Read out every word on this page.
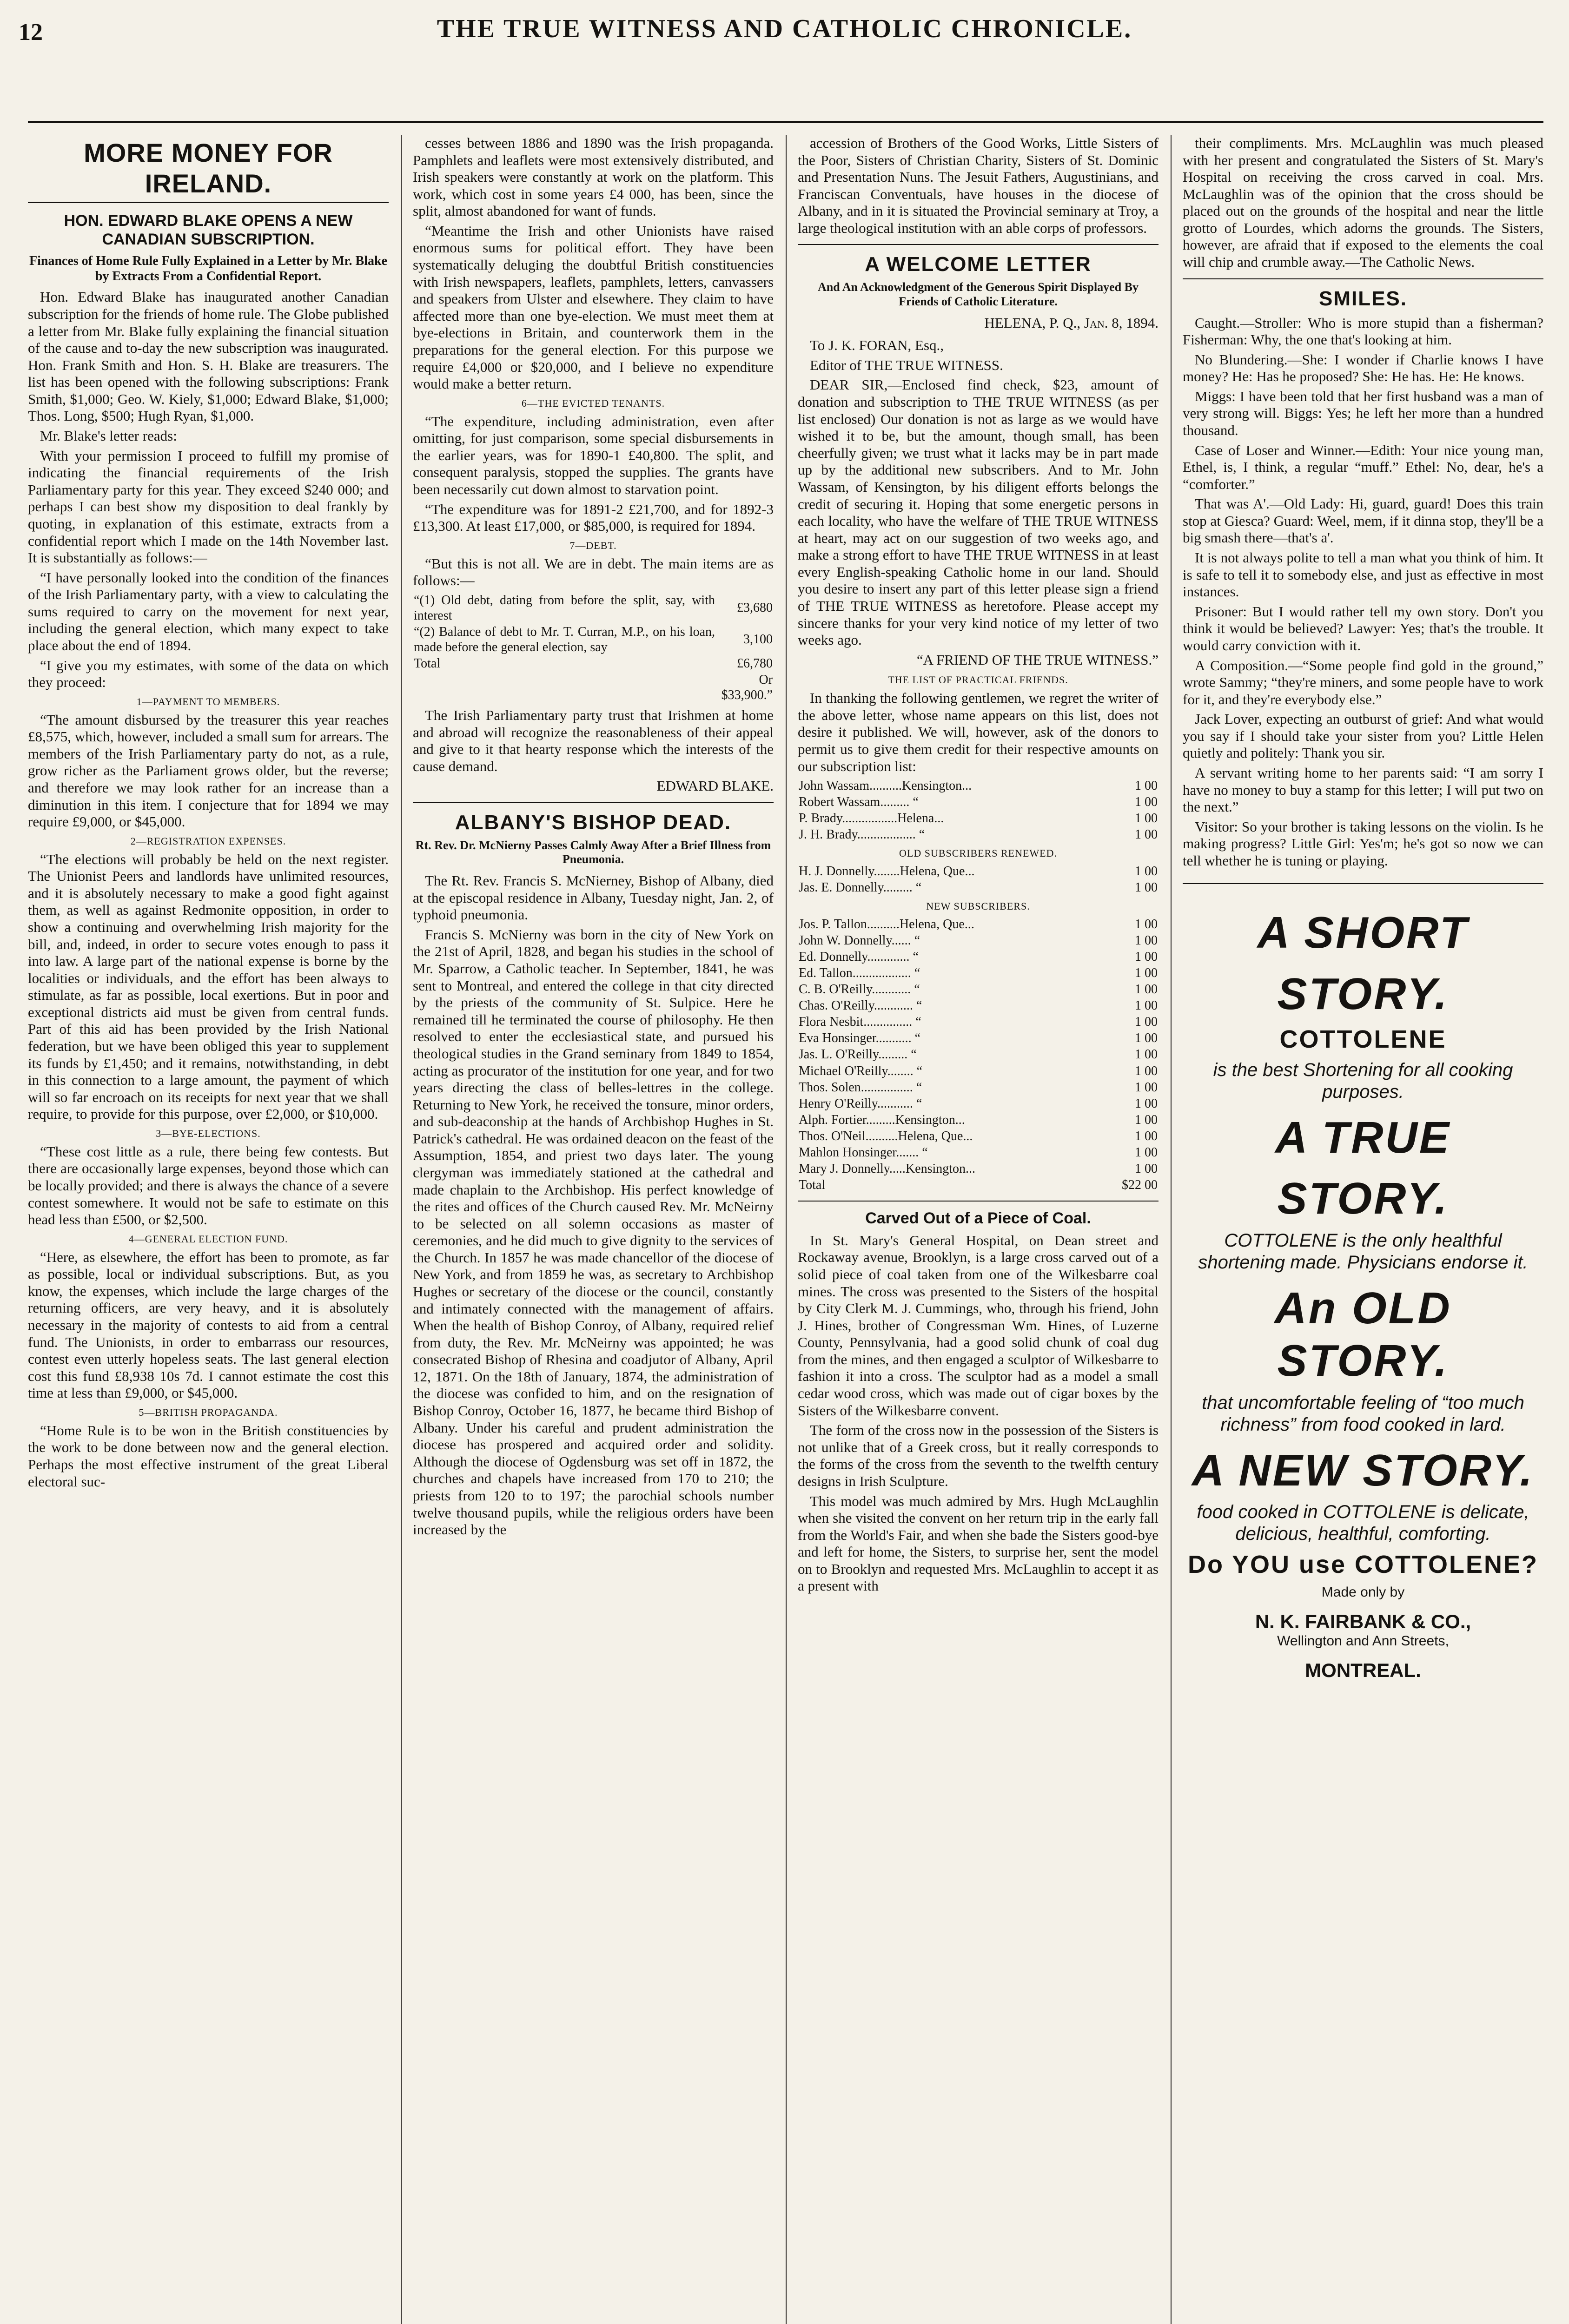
12	THE TRUE WITNESS AND CATHOLIC CHRONICLE.
MORE MONEY FOR IRELAND.
HON. EDWARD BLAKE OPENS A NEW CANADIAN SUBSCRIPTION.
Finances of Home Rule Fully Explained in a Letter by Mr. Blake by Extracts From a Confidential Report.

Hon. Edward Blake has inaugurated another Canadian subscription for the friends of home rule. The Globe published a letter from Mr. Blake fully explaining the financial situation of the cause and to-day the new subscription was inaugurated. Hon. Frank Smith and Hon. S. H. Blake are treasurers. The list has been opened with the following subscriptions: Frank Smith, $1,000; Geo. W. Kiely, $1,000; Edward Blake, $1,000; Thos. Long, $500; Hugh Ryan, $1,000.

Mr. Blake's letter reads:

With your permission I proceed to fulfill my promise of indicating the financial requirements of the Irish Parliamentary party for this year. They exceed $240 000; and perhaps I can best show my disposition to deal frankly by quoting, in explanation of this estimate, extracts from a confidential report which I made on the 14th November last. It is substantially as follows:—

“I have personally looked into the condition of the finances of the Irish Parliamentary party, with a view to calculating the sums required to carry on the movement for next year, including the general election, which many expect to take place about the end of 1894.

“I give you my estimates, with some of the data on which they proceed:

1—PAYMENT TO MEMBERS.

“The amount disbursed by the treasurer this year reaches £8,575, which, however, included a small sum for arrears. The members of the Irish Parliamentary party do not, as a rule, grow richer as the Parliament grows older, but the reverse; and therefore we may look rather for an increase than a diminution in this item. I conjecture that for 1894 we may require £9,000, or $45,000.

2—REGISTRATION EXPENSES.

“The elections will probably be held on the next register. The Unionist Peers and landlords have unlimited resources, and it is absolutely necessary to make a good fight against them, as well as against Redmonite opposition, in order to show a continuing and overwhelming Irish majority for the bill, and, indeed, in order to secure votes enough to pass it into law. A large part of the national expense is borne by the localities or individuals, and the effort has been always to stimulate, as far as possible, local exertions. But in poor and exceptional districts aid must be given from central funds. Part of this aid has been provided by the Irish National federation, but we have been obliged this year to supplement its funds by £1,450; and it remains, notwithstanding, in debt in this connection to a large amount, the payment of which will so far encroach on its receipts for next year that we shall require, to provide for this purpose, over £2,000, or $10,000.

3—BYE-ELECTIONS.

“These cost little as a rule, there being few contests. But there are occasionally large expenses, beyond those which can be locally provided; and there is always the chance of a severe contest somewhere. It would not be safe to estimate on this head less than £500, or $2,500.

4—GENERAL ELECTION FUND.

“Here, as elsewhere, the effort has been to promote, as far as possible, local or individual subscriptions. But, as you know, the expenses, which include the large charges of the returning officers, are very heavy, and it is absolutely necessary in the majority of contests to aid from a central fund. The Unionists, in order to embarrass our resources, contest even utterly hopeless seats. The last general election cost this fund £8,938 10s 7d. I cannot estimate the cost this time at less than £9,000, or $45,000.

5—BRITISH PROPAGANDA.

“Home Rule is to be won in the British constituencies by the work to be done between now and the general election. Perhaps the most effective instrument of the great Liberal electoral suc-

cesses between 1886 and 1890 was the Irish propaganda. Pamphlets and leaflets were most extensively distributed, and Irish speakers were constantly at work on the platform. This work, which cost in some years £4 000, has been, since the split, almost abandoned for want of funds.

“Meantime the Irish and other Unionists have raised enormous sums for political effort. They have been systematically deluging the doubtful British constituencies with Irish newspapers, leaflets, pamphlets, letters, canvassers and speakers from Ulster and elsewhere. They claim to have affected more than one bye-election. We must meet them at bye-elections in Britain, and counterwork them in the preparations for the general election. For this purpose we require £4,000 or $20,000, and I believe no expenditure would make a better return.

6—THE EVICTED TENANTS.

“The expenditure, including administration, even after omitting, for just comparison, some special disbursements in the earlier years, was for 1890-1 £40,800. The split, and consequent paralysis, stopped the supplies. The grants have been necessarily cut down almost to starvation point.

“The expenditure was for 1891-2 £21,700, and for 1892-3 £13,300. At least £17,000, or $85,000, is required for 1894.

7—DEBT.

“But this is not all. We are in debt. The main items are as follows:—

“(1) Old debt, dating from before the split, say, with interest	£3,680
“(2) Balance of debt to Mr. T. Curran, M.P., on his loan, made before the general election, say	3,100
Total	£6,780
	Or $33,900.”

The Irish Parliamentary party trust that Irishmen at home and abroad will recognize the reasonableness of their appeal and give to it that hearty response which the interests of the cause demand.

EDWARD BLAKE.
ALBANY'S BISHOP DEAD.
Rt. Rev. Dr. McNierny Passes Calmly Away After a Brief Illness from Pneumonia.

The Rt. Rev. Francis S. McNierney, Bishop of Albany, died at the episcopal residence in Albany, Tuesday night, Jan. 2, of typhoid pneumonia.

Francis S. McNierny was born in the city of New York on the 21st of April, 1828, and began his studies in the school of Mr. Sparrow, a Catholic teacher. In September, 1841, he was sent to Montreal, and entered the college in that city directed by the priests of the community of St. Sulpice. Here he remained till he terminated the course of philosophy. He then resolved to enter the ecclesiastical state, and pursued his theological studies in the Grand seminary from 1849 to 1854, acting as procurator of the institution for one year, and for two years directing the class of belles-lettres in the college. Returning to New York, he received the tonsure, minor orders, and sub-deaconship at the hands of Archbishop Hughes in St. Patrick's cathedral. He was ordained deacon on the feast of the Assumption, 1854, and priest two days later. The young clergyman was immediately stationed at the cathedral and made chaplain to the Archbishop. His perfect knowledge of the rites and offices of the Church caused Rev. Mr. McNeirny to be selected on all solemn occasions as master of ceremonies, and he did much to give dignity to the services of the Church. In 1857 he was made chancellor of the diocese of New York, and from 1859 he was, as secretary to Archbishop Hughes or secretary of the diocese or the council, constantly and intimately connected with the management of affairs. When the health of Bishop Conroy, of Albany, required relief from duty, the Rev. Mr. McNeirny was appointed; he was consecrated Bishop of Rhesina and coadjutor of Albany, April 12, 1871. On the 18th of January, 1874, the administration of the diocese was confided to him, and on the resignation of Bishop Conroy, October 16, 1877, he became third Bishop of Albany. Under his careful and prudent administration the diocese has prospered and acquired order and solidity. Although the diocese of Ogdensburg was set off in 1872, the churches and chapels have increased from 170 to 210; the priests from 120 to to 197; the parochial schools number twelve thousand pupils, while the religious orders have been increased by the

accession of Brothers of the Good Works, Little Sisters of the Poor, Sisters of Christian Charity, Sisters of St. Dominic and Presentation Nuns. The Jesuit Fathers, Augustinians, and Franciscan Conventuals, have houses in the diocese of Albany, and in it is situated the Provincial seminary at Troy, a large theological institution with an able corps of professors.

A WELCOME LETTER
And An Acknowledgment of the Generous Spirit Displayed By Friends of Catholic Literature.
HELENA, P. Q., Jan. 8, 1894.

To J. K. FORAN, Esq.,

Editor of THE TRUE WITNESS.

DEAR SIR,—Enclosed find check, $23, amount of donation and subscription to THE TRUE WITNESS (as per list enclosed) Our donation is not as large as we would have wished it to be, but the amount, though small, has been cheerfully given; we trust what it lacks may be in part made up by the additional new subscribers. And to Mr. John Wassam, of Kensington, by his diligent efforts belongs the credit of securing it. Hoping that some energetic persons in each locality, who have the welfare of THE TRUE WITNESS at heart, may act on our suggestion of two weeks ago, and make a strong effort to have THE TRUE WITNESS in at least every English-speaking Catholic home in our land. Should you desire to insert any part of this letter please sign a friend of THE TRUE WITNESS as heretofore. Please accept my sincere thanks for your very kind notice of my letter of two weeks ago.

“A FRIEND OF THE TRUE WITNESS.”
THE LIST OF PRACTICAL FRIENDS.

In thanking the following gentlemen, we regret the writer of the above letter, whose name appears on this list, does not desire it published. We will, however, ask of the donors to permit us to give them credit for their respective amounts on our subscription list:

John Wassam..........Kensington...	1 00
Robert Wassam......... “	1 00
P. Brady.................Helena...	1 00
J. H. Brady.................. “	1 00
OLD SUBSCRIBERS RENEWED.
H. J. Donnelly........Helena, Que...	1 00
Jas. E. Donnelly......... “	1 00
NEW SUBSCRIBERS.
Jos. P. Tallon..........Helena, Que...	1 00
John W. Donnelly...... “	1 00
Ed. Donnelly............. “	1 00
Ed. Tallon.................. “	1 00
C. B. O'Reilly............ “	1 00
Chas. O'Reilly............ “	1 00
Flora Nesbit............... “	1 00
Eva Honsinger........... “	1 00
Jas. L. O'Reilly......... “	1 00
Michael O'Reilly........ “	1 00
Thos. Solen................ “	1 00
Henry O'Reilly........... “	1 00
Alph. Fortier.........Kensington...	1 00
Thos. O'Neil..........Helena, Que...	1 00
Mahlon Honsinger....... “	1 00
Mary J. Donnelly.....Kensington...	1 00
Total	$22 00
Carved Out of a Piece of Coal.

In St. Mary's General Hospital, on Dean street and Rockaway avenue, Brooklyn, is a large cross carved out of a solid piece of coal taken from one of the Wilkesbarre coal mines. The cross was presented to the Sisters of the hospital by City Clerk M. J. Cummings, who, through his friend, John J. Hines, brother of Congressman Wm. Hines, of Luzerne County, Pennsylvania, had a good solid chunk of coal dug from the mines, and then engaged a sculptor of Wilkesbarre to fashion it into a cross. The sculptor had as a model a small cedar wood cross, which was made out of cigar boxes by the Sisters of the Wilkesbarre convent.

The form of the cross now in the possession of the Sisters is not unlike that of a Greek cross, but it really corresponds to the forms of the cross from the seventh to the twelfth century designs in Irish Sculpture.

This model was much admired by Mrs. Hugh McLaughlin when she visited the convent on her return trip in the early fall from the World's Fair, and when she bade the Sisters good-bye and left for home, the Sisters, to surprise her, sent the model on to Brooklyn and requested Mrs. McLaughlin to accept it as a present with

their compliments. Mrs. McLaughlin was much pleased with her present and congratulated the Sisters of St. Mary's Hospital on receiving the cross carved in coal. Mrs. McLaughlin was of the opinion that the cross should be placed out on the grounds of the hospital and near the little grotto of Lourdes, which adorns the grounds. The Sisters, however, are afraid that if exposed to the elements the coal will chip and crumble away.—The Catholic News.

SMILES.

Caught.—Stroller: Who is more stupid than a fisherman? Fisherman: Why, the one that's looking at him.

No Blundering.—She: I wonder if Charlie knows I have money? He: Has he proposed? She: He has. He: He knows.

Miggs: I have been told that her first husband was a man of very strong will. Biggs: Yes; he left her more than a hundred thousand.

Case of Loser and Winner.—Edith: Your nice young man, Ethel, is, I think, a regular “muff.” Ethel: No, dear, he's a “comforter.”

That was A'.—Old Lady: Hi, guard, guard! Does this train stop at Giesca? Guard: Weel, mem, if it dinna stop, they'll be a big smash there—that's a'.

It is not always polite to tell a man what you think of him. It is safe to tell it to somebody else, and just as effective in most instances.

Prisoner: But I would rather tell my own story. Don't you think it would be believed? Lawyer: Yes; that's the trouble. It would carry conviction with it.

A Composition.—“Some people find gold in the ground,” wrote Sammy; “they're miners, and some people have to work for it, and they're everybody else.”

Jack Lover, expecting an outburst of grief: And what would you say if I should take your sister from you? Little Helen quietly and politely: Thank you sir.

A servant writing home to her parents said: “I am sorry I have no money to buy a stamp for this letter; I will put two on the next.”

Visitor: So your brother is taking lessons on the violin. Is he making progress? Little Girl: Yes'm; he's got so now we can tell whether he is tuning or playing.

A SHORT
STORY.
COTTOLENE
is the best Shortening for all cooking purposes.
A TRUE
STORY.
COTTOLENE is the only healthful shortening made. Physicians endorse it.
An OLD STORY.
that uncomfortable feeling of “too much richness” from food cooked in lard.
A NEW STORY.
food cooked in COTTOLENE is delicate, delicious, healthful, comforting.
Do YOU use COTTOLENE?
Made only by
N. K. FAIRBANK & CO.,
Wellington and Ann Streets,
MONTREAL.
